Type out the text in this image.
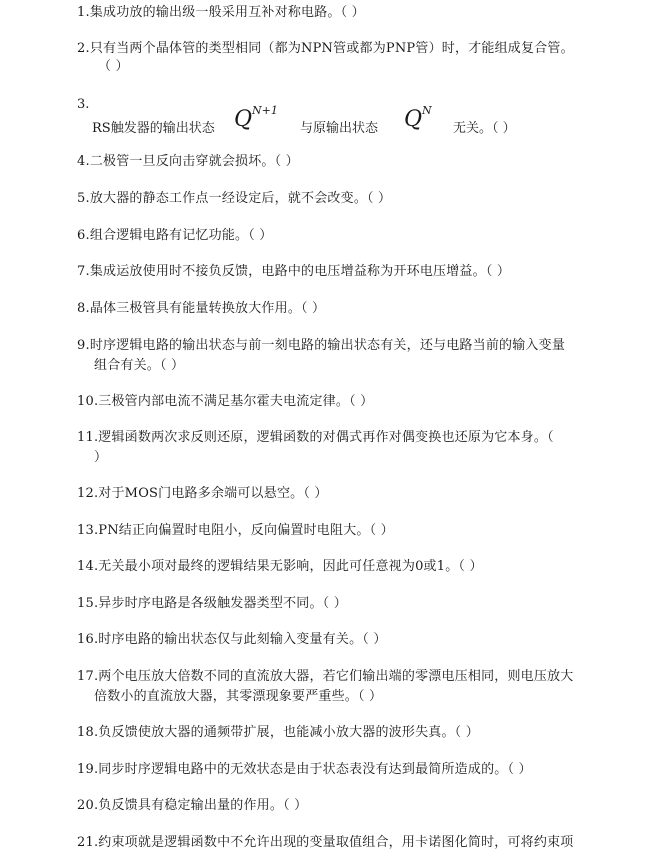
1.集成功放的输出级一般采用互补对称电路。（ ）
2.只有当两个晶体管的类型相同（都为NPN管或都为PNP管）时，才能组成复合管。
（ ）
3.
RS触发器的输出状态 $Q^{N+1}$
与原输出状态 $Q^N$
无关。（ ）
4.二极管一旦反向击穿就会损坏。（ ）
5.放大器的静态工作点一经设定后，就不会改变。（ ）
6.组合逻辑电路有记忆功能。（ ）
7.集成运放使用时不接负反馈，电路中的电压增益称为开环电压增益。（ ）
8.晶体三极管具有能量转换放大作用。（ ）
9.时序逻辑电路的输出状态与前一刻电路的输出状态有关，还与电路当前的输入变量
组合有关。（ ）
10.三极管内部电流不满足基尔霍夫电流定律。（ ）
11.逻辑函数两次求反则还原，逻辑函数的对偶式再作对偶变换也还原为它本身。（
）
12.对于MOS门电路多余端可以悬空。（ ）
13.PN结正向偏置时电阻小，反向偏置时电阻大。（ ）
14.无关最小项对最终的逻辑结果无影响，因此可任意视为0或1。（ ）
15.异步时序电路是各级触发器类型不同。（ ）
16.时序电路的输出状态仅与此刻输入变量有关。（ ）
17.两个电压放大倍数不同的直流放大器，若它们输出端的零漂电压相同，则电压放大
倍数小的直流放大器，其零漂现象要严重些。（ ）
18.负反馈使放大器的通频带扩展，也能减小放大器的波形失真。（ ）
19.同步时序逻辑电路中的无效状态是由于状态表没有达到最简所造成的。（ ）
20.负反馈具有稳定输出量的作用。（ ）
21.约束项就是逻辑函数中不允许出现的变量取值组合，用卡诺图化简时，可将约束项
